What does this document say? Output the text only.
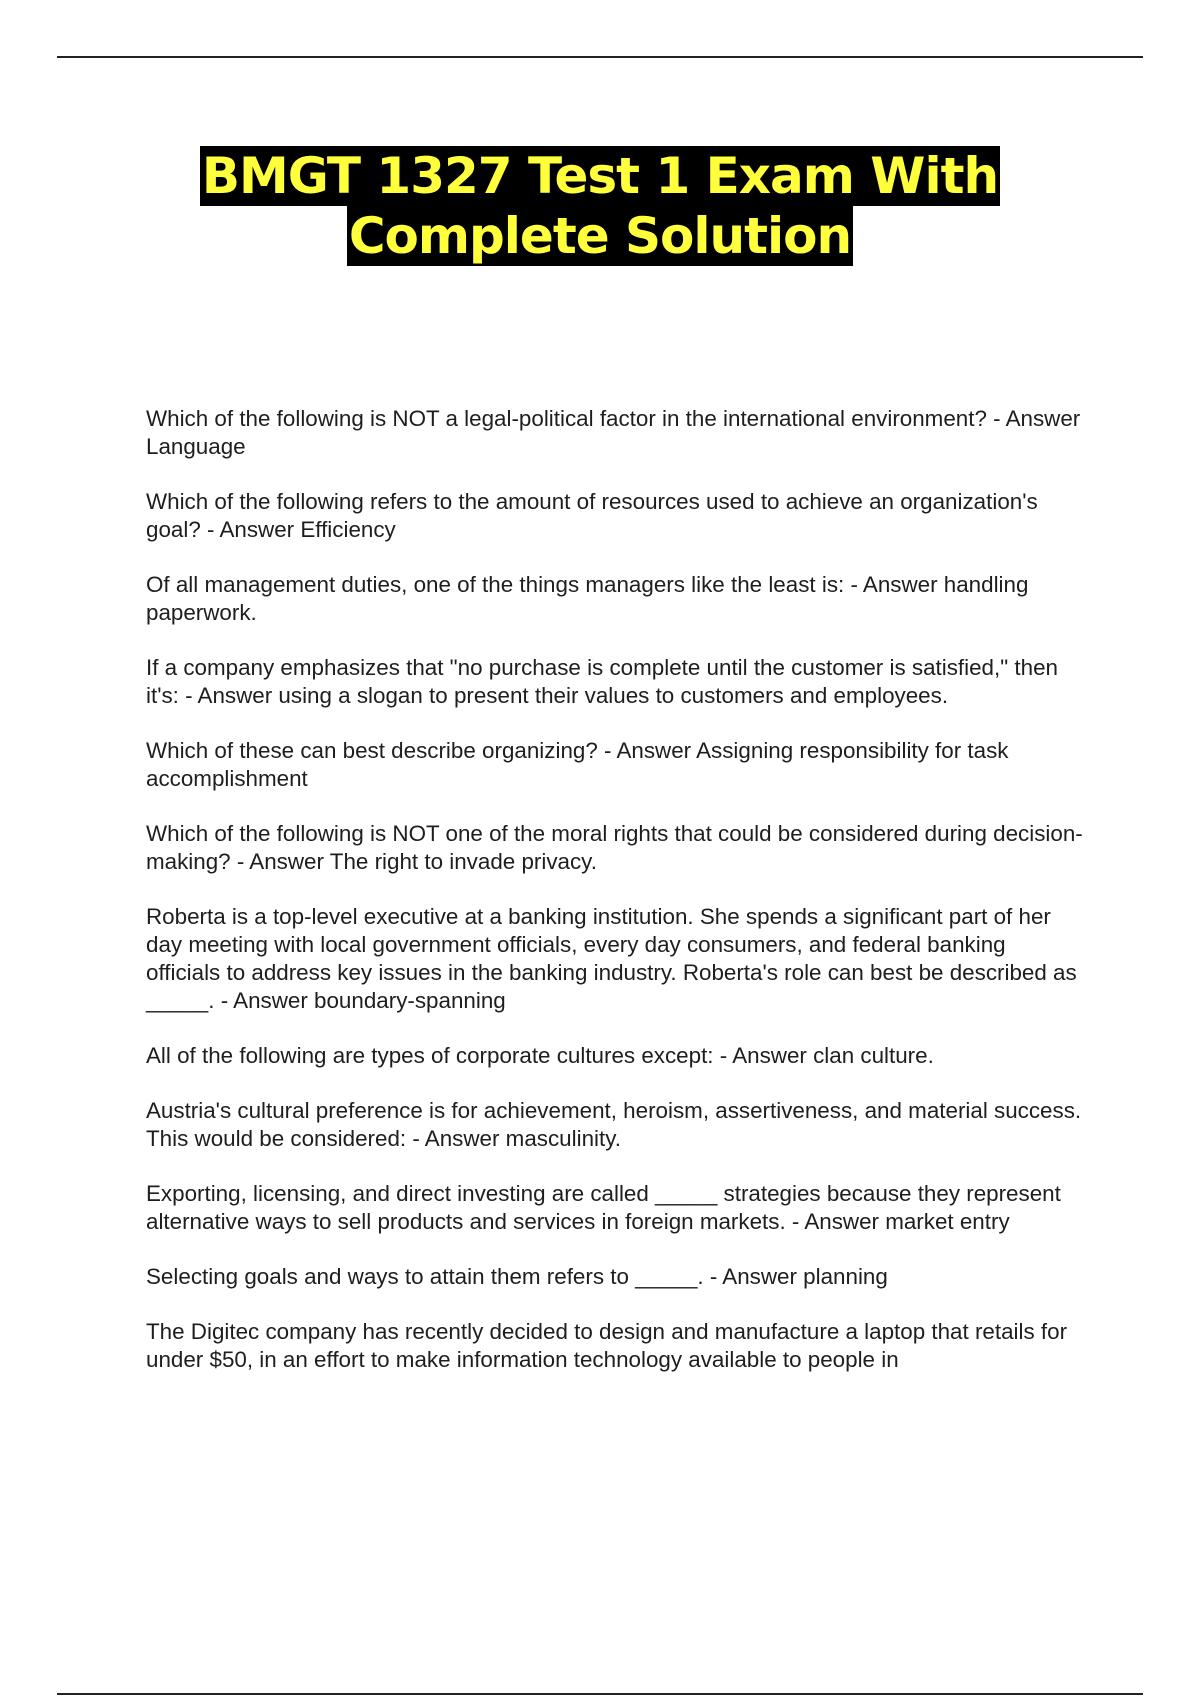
BMGT 1327 Test 1 Exam With
Complete Solution

Which of the following is NOT a legal-political factor in the international environment? - Answer Language

Which of the following refers to the amount of resources used to achieve an organization's goal? - Answer Efficiency

Of all management duties, one of the things managers like the least is: - Answer handling paperwork.

If a company emphasizes that "no purchase is complete until the customer is satisfied," then it's: - Answer using a slogan to present their values to customers and employees.

Which of these can best describe organizing? - Answer Assigning responsibility for task accomplishment

Which of the following is NOT one of the moral rights that could be considered during decision-making? - Answer The right to invade privacy.

Roberta is a top-level executive at a banking institution. She spends a significant part of her day meeting with local government officials, every day consumers, and federal banking officials to address key issues in the banking industry. Roberta's role can best be described as _____. - Answer boundary-spanning

All of the following are types of corporate cultures except: - Answer clan culture.

Austria's cultural preference is for achievement, heroism, assertiveness, and material success. This would be considered: - Answer masculinity.

Exporting, licensing, and direct investing are called _____ strategies because they represent alternative ways to sell products and services in foreign markets. - Answer market entry

Selecting goals and ways to attain them refers to _____. - Answer planning

The Digitec company has recently decided to design and manufacture a laptop that retails for under $50, in an effort to make information technology available to people in
